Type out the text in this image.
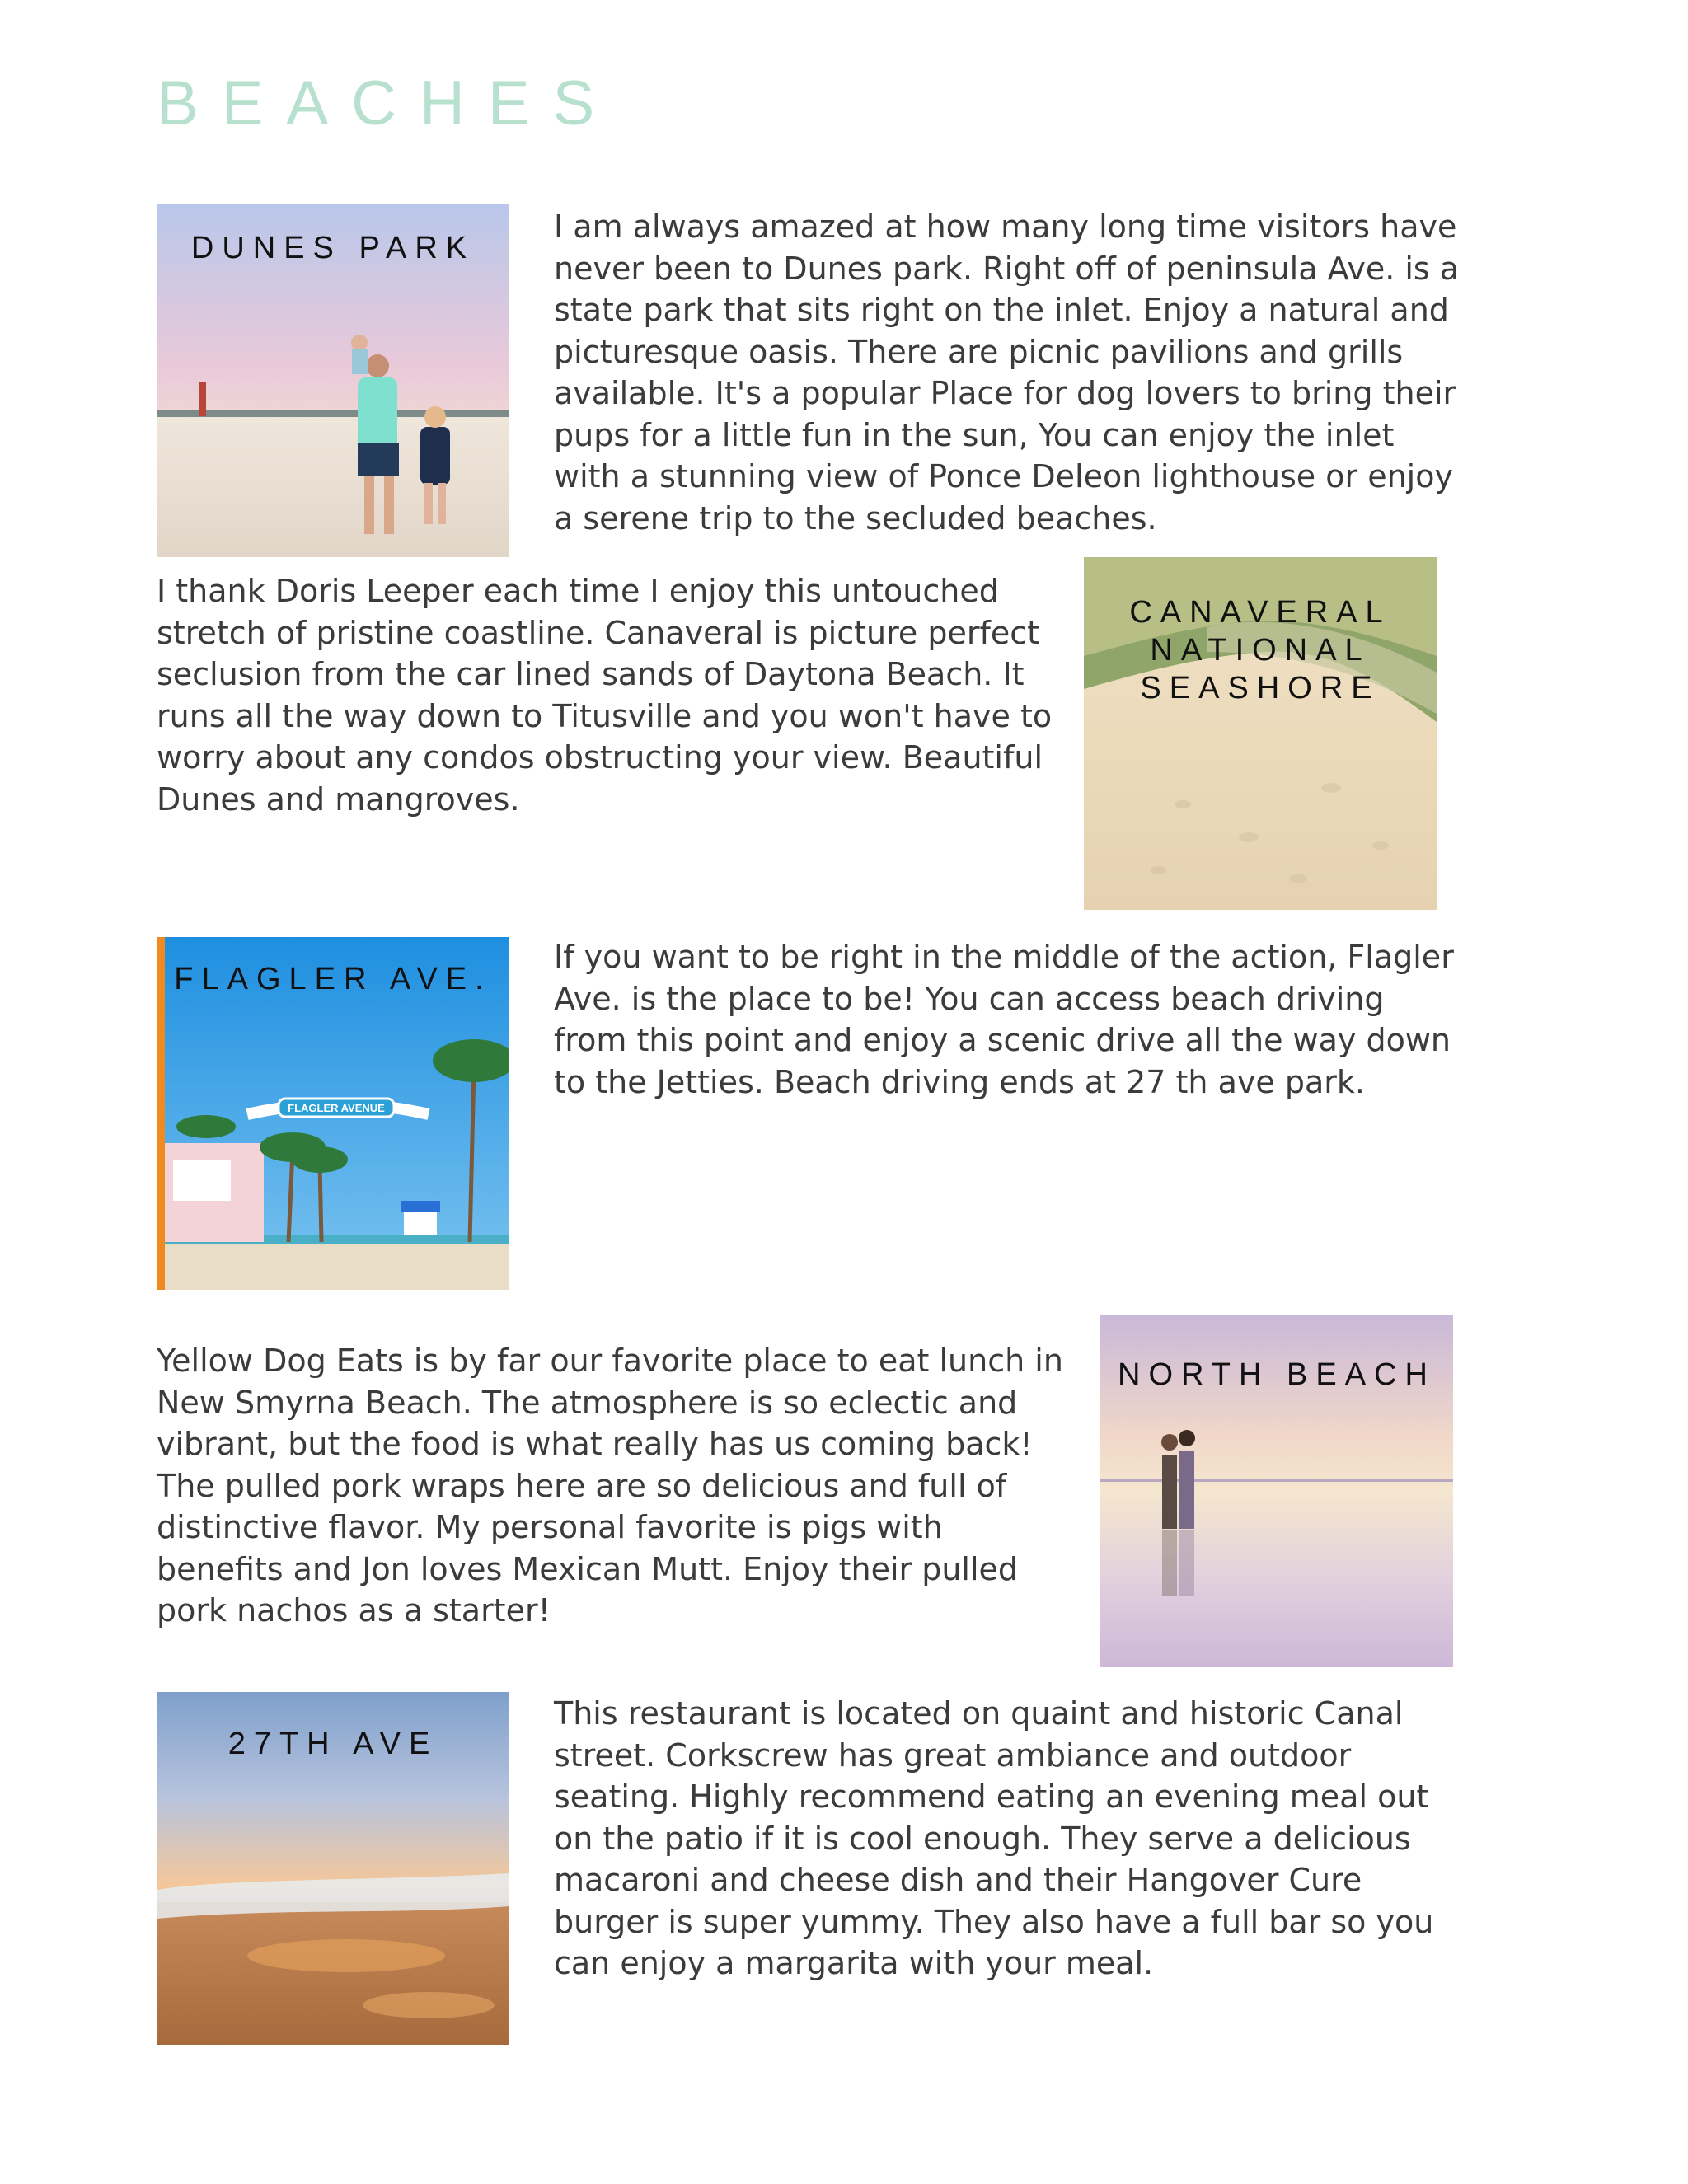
BEACHES
DUNES PARK

I am always amazed at how many long time visitors have never been to Dunes park. Right off of peninsula Ave. is a state park that sits right on the inlet. Enjoy a natural and picturesque oasis. There are picnic pavilions and grills available. It's a popular Place for dog lovers to bring their pups for a little fun in the sun, You can enjoy the inlet with a stunning view of Ponce Deleon lighthouse or enjoy a serene trip to the secluded beaches.

CANAVERAL NATIONAL SEASHORE

I thank Doris Leeper each time I enjoy this untouched stretch of pristine coastline. Canaveral is picture perfect seclusion from the car lined sands of Daytona Beach. It runs all the way down to Titusville and you won't have to worry about any condos obstructing your view. Beautiful Dunes and mangroves.

FLAGLER AVENUE
FLAGLER AVE.

If you want to be right in the middle of the action, Flagler Ave. is the place to be! You can access beach driving from this point and enjoy a scenic drive all the way down to the Jetties. Beach driving ends at 27 th ave park.

NORTH BEACH

Yellow Dog Eats is by far our favorite place to eat lunch in New Smyrna Beach. The atmosphere is so eclectic and vibrant, but the food is what really has us coming back! The pulled pork wraps here are so delicious and full of distinctive flavor. My personal favorite is pigs with benefits and Jon loves Mexican Mutt. Enjoy their pulled pork nachos as a starter!

27TH AVE

This restaurant is located on quaint and historic Canal street. Corkscrew has great ambiance and outdoor seating. Highly recommend eating an evening meal out on the patio if it is cool enough. They serve a delicious macaroni and cheese dish and their Hangover Cure burger is super yummy. They also have a full bar so you can enjoy a margarita with your meal.
